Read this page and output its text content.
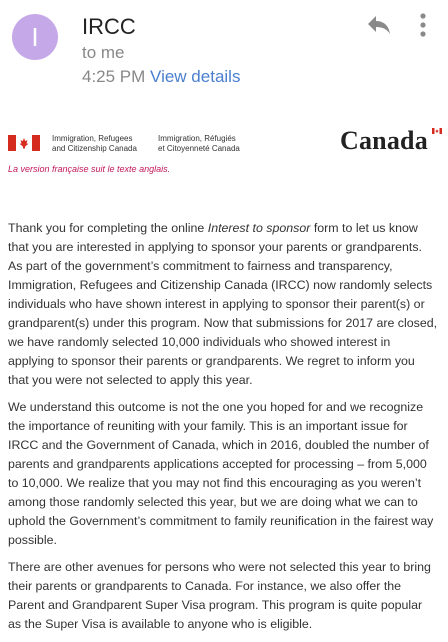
I	IRCC
to me
4:25 PM View details
Immigration, Refugees
and Citizenship Canada
Immigration, Réfugiés
et Citoyenneté Canada	Canada
La version française suit le texte anglais.

Thank you for completing the online Interest to sponsor form to let us know that you are interested in applying to sponsor your parents or grandparents. As part of the government’s commitment to fairness and transparency, Immigration, Refugees and Citizenship Canada (IRCC) now randomly selects individuals who have shown interest in applying to sponsor their parent(s) or grandparent(s) under this program. Now that submissions for 2017 are closed, we have randomly selected 10,000 individuals who showed interest in applying to sponsor their parents or grandparents. We regret to inform you that you were not selected to apply this year.

We understand this outcome is not the one you hoped for and we recognize the importance of reuniting with your family. This is an important issue for IRCC and the Government of Canada, which in 2016, doubled the number of parents and grandparents applications accepted for processing – from 5,000 to 10,000. We realize that you may not find this encouraging as you weren’t among those randomly selected this year, but we are doing what we can to uphold the Government’s commitment to family reunification in the fairest way possible.

There are other avenues for persons who were not selected this year to bring their parents or grandparents to Canada. For instance, we also offer the Parent and Grandparent Super Visa program. This program is quite popular as the Super Visa is available to anyone who is eligible.
